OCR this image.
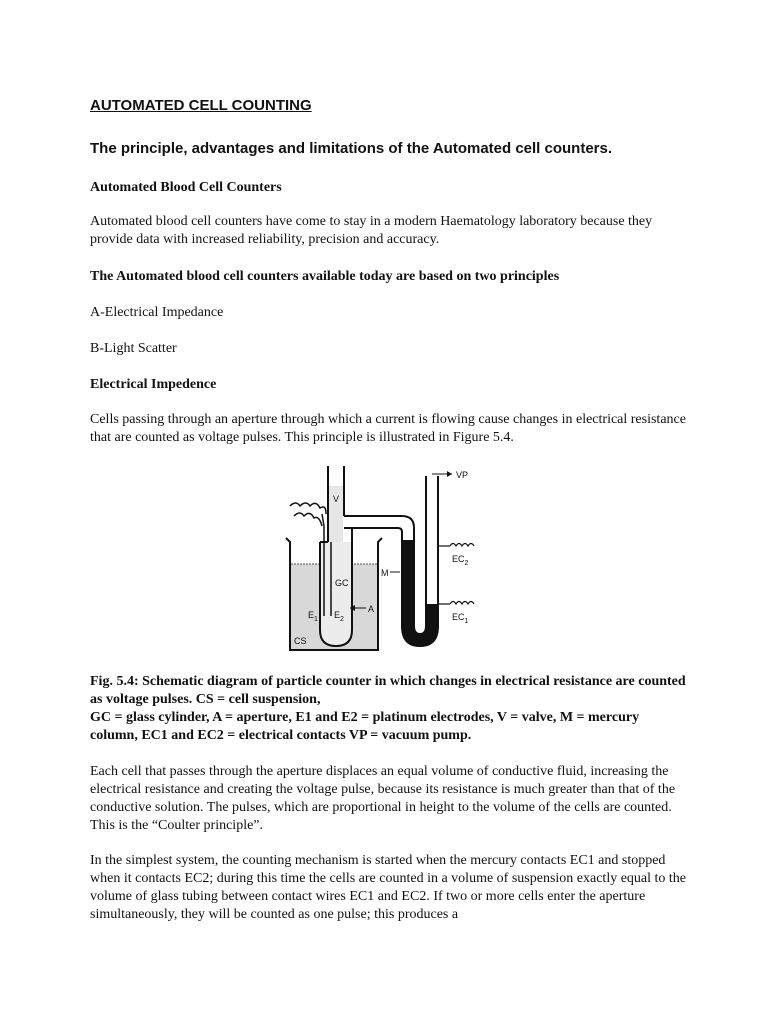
AUTOMATED CELL COUNTING
The principle, advantages and limitations of the Automated cell counters.
Automated Blood Cell Counters

Automated blood cell counters have come to stay in a modern Haematology laboratory because they provide data with increased reliability, precision and accuracy.

The Automated blood cell counters available today are based on two principles

A-Electrical Impedance

B-Light Scatter

Electrical Impedence

Cells passing through an aperture through which a current is flowing cause changes in electrical resistance that are counted as voltage pulses. This principle is illustrated in Figure 5.4.

VP
V
GC
M
$EC_2$
$EC_1$
A
$E_1$ $E_2$
CS

Fig. 5.4: Schematic diagram of particle counter in which changes in electrical resistance are counted as voltage pulses. CS = cell suspension,

GC = glass cylinder, A = aperture, E1 and E2 = platinum electrodes, V = valve, M = mercury column, EC1 and EC2 = electrical contacts VP = vacuum pump.

Each cell that passes through the aperture displaces an equal volume of conductive fluid, increasing the electrical resistance and creating the voltage pulse, because its resistance is much greater than that of the conductive solution. The pulses, which are proportional in height to the volume of the cells are counted. This is the “Coulter principle”.

In the simplest system, the counting mechanism is started when the mercury contacts EC1 and stopped when it contacts EC2; during this time the cells are counted in a volume of suspension exactly equal to the volume of glass tubing between contact wires EC1 and EC2. If two or more cells enter the aperture simultaneously, they will be counted as one pulse; this produces a
